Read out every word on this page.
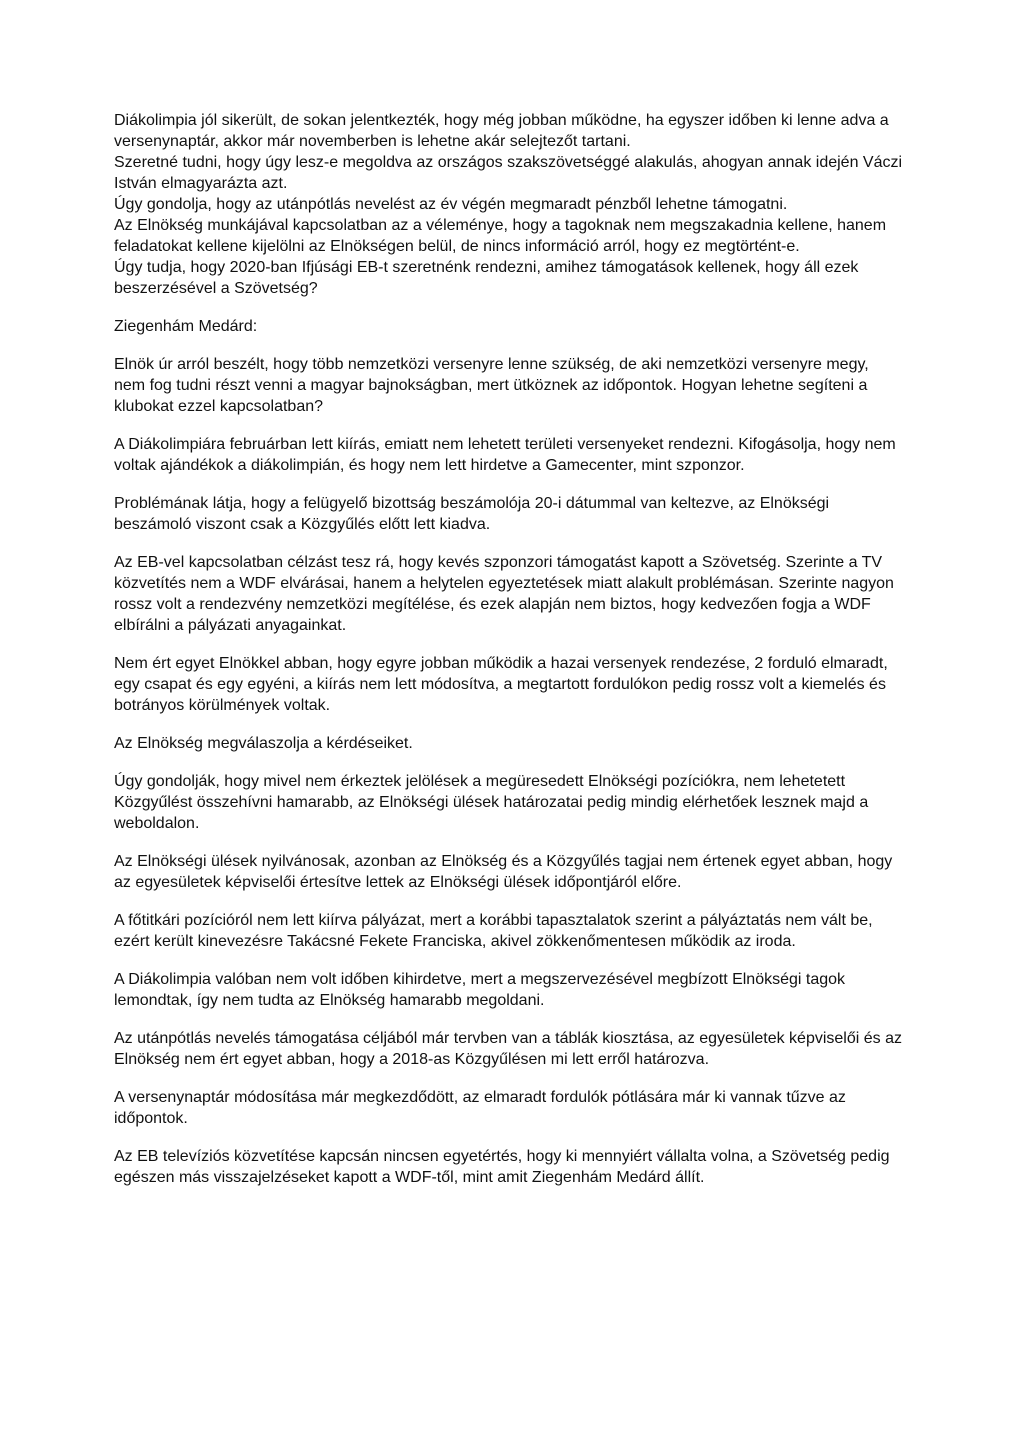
Diákolimpia jól sikerült, de sokan jelentkezték, hogy még jobban működne, ha egyszer időben ki lenne adva a versenynaptár, akkor már novemberben is lehetne akár selejtezőt tartani.

Szeretné tudni, hogy úgy lesz-e megoldva az országos szakszövetséggé alakulás, ahogyan annak idején Váczi István elmagyarázta azt.

Úgy gondolja, hogy az utánpótlás nevelést az év végén megmaradt pénzből lehetne támogatni.

Az Elnökség munkájával kapcsolatban az a véleménye, hogy a tagoknak nem megszakadnia kellene, hanem feladatokat kellene kijelölni az Elnökségen belül, de nincs információ arról, hogy ez megtörtént-e.

Úgy tudja, hogy 2020-ban Ifjúsági EB-t szeretnénk rendezni, amihez támogatások kellenek, hogy áll ezek beszerzésével a Szövetség?

Ziegenhám Medárd:

Elnök úr arról beszélt, hogy több nemzetközi versenyre lenne szükség, de aki nemzetközi versenyre megy, nem fog tudni részt venni a magyar bajnokságban, mert ütköznek az időpontok. Hogyan lehetne segíteni a klubokat ezzel kapcsolatban?

A Diákolimpiára februárban lett kiírás, emiatt nem lehetett területi versenyeket rendezni. Kifogásolja, hogy nem voltak ajándékok a diákolimpián, és hogy nem lett hirdetve a Gamecenter, mint szponzor.

Problémának látja, hogy a felügyelő bizottság beszámolója 20-i dátummal van keltezve, az Elnökségi beszámoló viszont csak a Közgyűlés előtt lett kiadva.

Az EB-vel kapcsolatban célzást tesz rá, hogy kevés szponzori támogatást kapott a Szövetség. Szerinte a TV közvetítés nem a WDF elvárásai, hanem a helytelen egyeztetések miatt alakult problémásan. Szerinte nagyon rossz volt a rendezvény nemzetközi megítélése, és ezek alapján nem biztos, hogy kedvezően fogja a WDF elbírálni a pályázati anyagainkat.

Nem ért egyet Elnökkel abban, hogy egyre jobban működik a hazai versenyek rendezése, 2 forduló elmaradt, egy csapat és egy egyéni, a kiírás nem lett módosítva, a megtartott fordulókon pedig rossz volt a kiemelés és botrányos körülmények voltak.

Az Elnökség megválaszolja a kérdéseiket.

Úgy gondolják, hogy mivel nem érkeztek jelölések a megüresedett Elnökségi pozíciókra, nem lehetetett Közgyűlést összehívni hamarabb, az Elnökségi ülések határozatai pedig mindig elérhetőek lesznek majd a weboldalon.

Az Elnökségi ülések nyilvánosak, azonban az Elnökség és a Közgyűlés tagjai nem értenek egyet abban, hogy az egyesületek képviselői értesítve lettek az Elnökségi ülések időpontjáról előre.

A főtitkári pozícióról nem lett kiírva pályázat, mert a korábbi tapasztalatok szerint a pályáztatás nem vált be, ezért került kinevezésre Takácsné Fekete Franciska, akivel zökkenőmentesen működik az iroda.

A Diákolimpia valóban nem volt időben kihirdetve, mert a megszervezésével megbízott Elnökségi tagok lemondtak, így nem tudta az Elnökség hamarabb megoldani.

Az utánpótlás nevelés támogatása céljából már tervben van a táblák kiosztása, az egyesületek képviselői és az Elnökség nem ért egyet abban, hogy a 2018-as Közgyűlésen mi lett erről határozva.

A versenynaptár módosítása már megkezdődött, az elmaradt fordulók pótlására már ki vannak tűzve az időpontok.

Az EB televíziós közvetítése kapcsán nincsen egyetértés, hogy ki mennyiért vállalta volna, a Szövetség pedig egészen más visszajelzéseket kapott a WDF-től, mint amit Ziegenhám Medárd állít.
